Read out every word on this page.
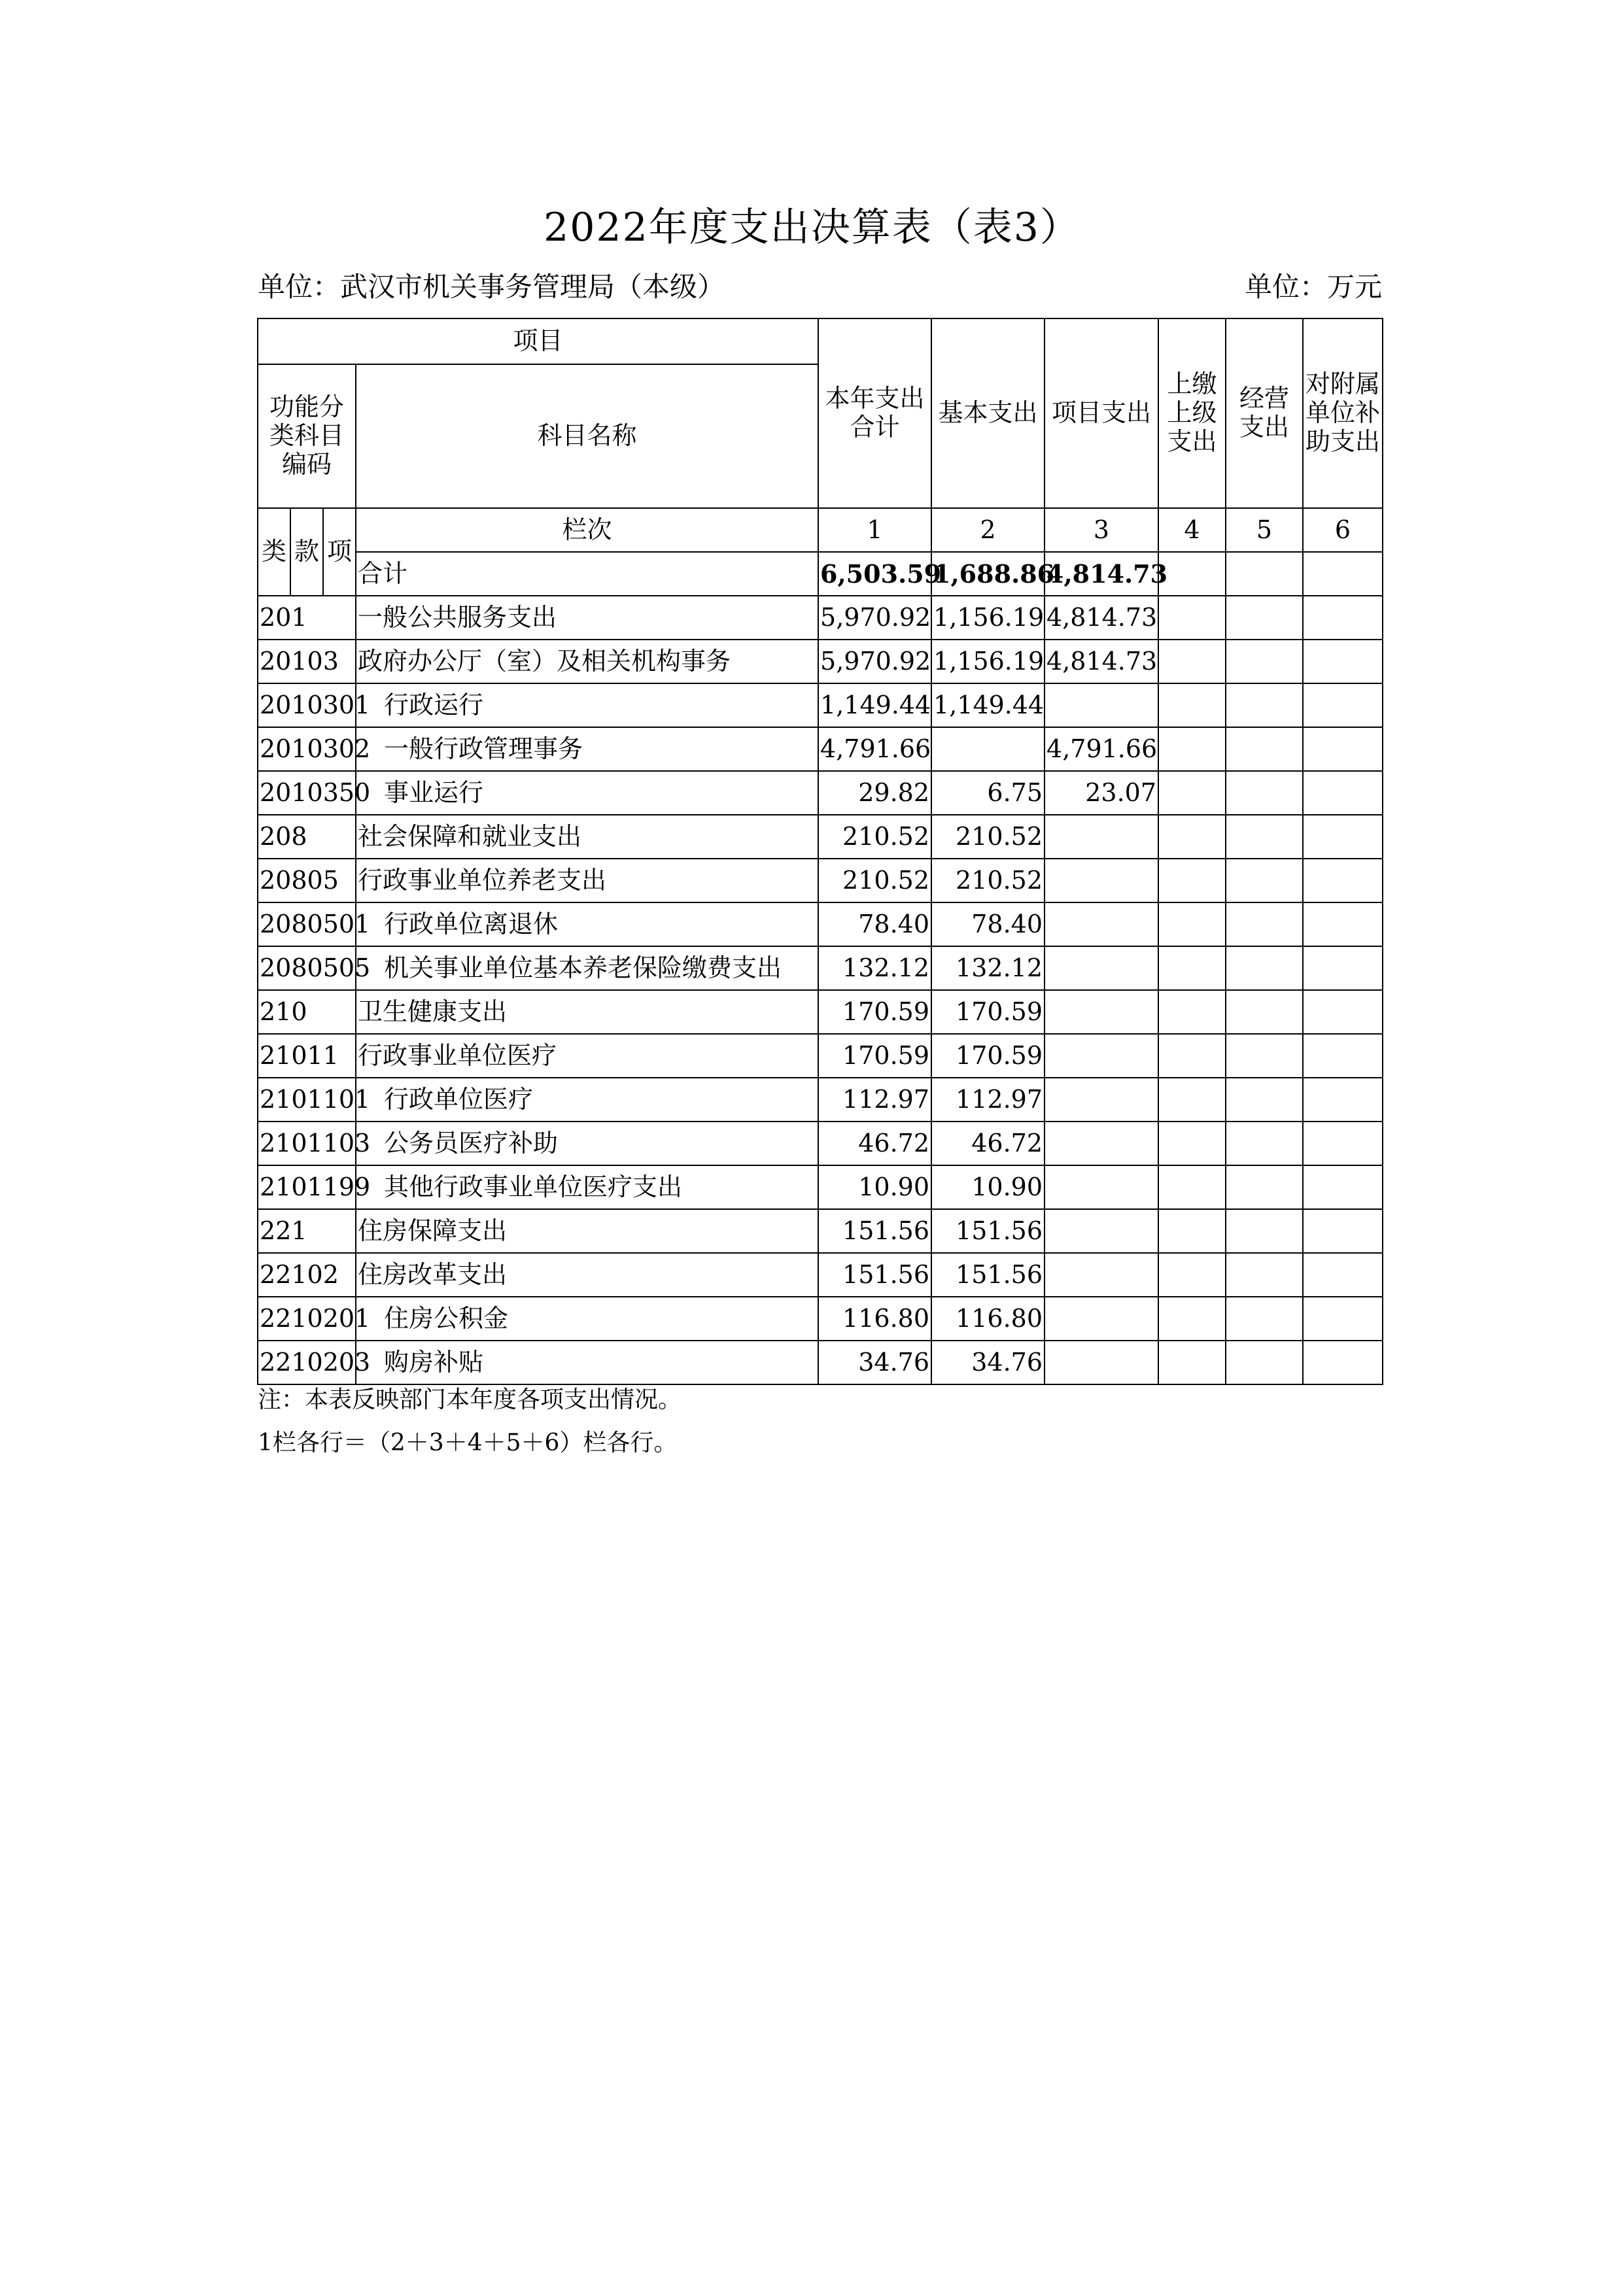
2022年度支出决算表（表3）
单位：武汉市机关事务管理局（本级）	单位：万元
项目				本年支出合计	基本支出	项目支出	上缴上级支出	经营支出	对附属单位补助支出
功能分类科目编码			科目名称						
类	款	项	栏次	1	2	3	4	5	6
			合计	6,503.59	1,688.86	4,814.73			
201			一般公共服务支出	5,970.92	1,156.19	4,814.73			
20103			政府办公厅（室）及相关机构事务	5,970.92	1,156.19	4,814.73			
2010301			行政运行	1,149.44	1,149.44				
2010302			一般行政管理事务	4,791.66		4,791.66			
2010350			事业运行	29.82	6.75	23.07			
208			社会保障和就业支出	210.52	210.52				
20805			行政事业单位养老支出	210.52	210.52				
2080501			行政单位离退休	78.40	78.40				
2080505			机关事业单位基本养老保险缴费支出	132.12	132.12				
210			卫生健康支出	170.59	170.59				
21011			行政事业单位医疗	170.59	170.59				
2101101			行政单位医疗	112.97	112.97				
2101103			公务员医疗补助	46.72	46.72				
2101199			其他行政事业单位医疗支出	10.90	10.90				
221			住房保障支出	151.56	151.56				
22102			住房改革支出	151.56	151.56				
2210201			住房公积金	116.80	116.80				
2210203			购房补贴	34.76	34.76				
注：本表反映部门本年度各项支出情况。
1栏各行＝（2＋3＋4＋5＋6）栏各行。
